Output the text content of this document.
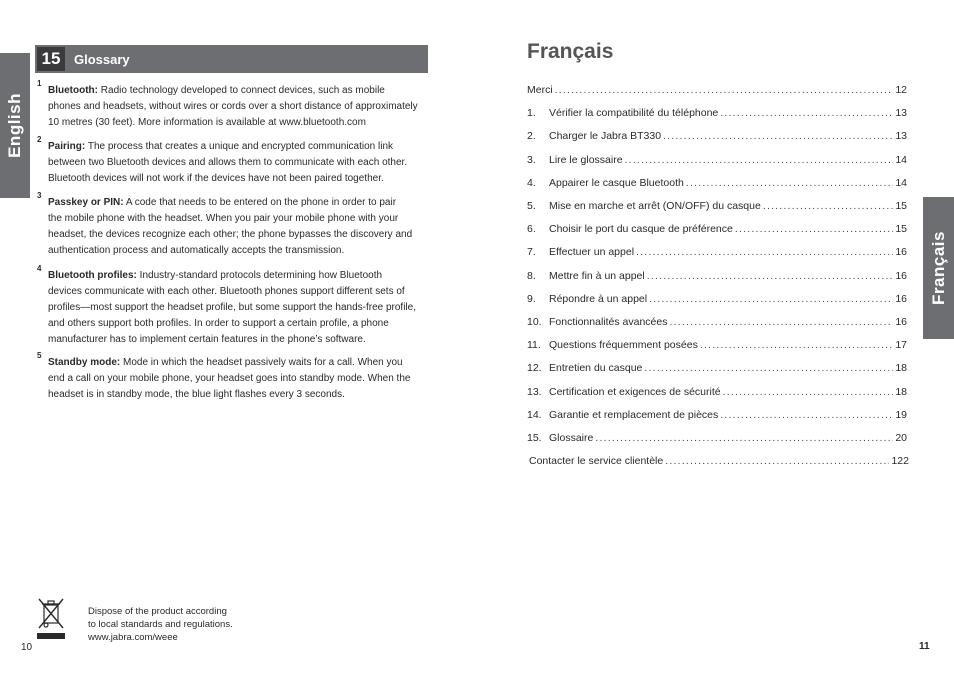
English
15	Glossary
1

Bluetooth: Radio technology developed to connect devices, such as mobile
phones and headsets, without wires or cords over a short distance of approximately
10 metres (30 feet). More information is available at www.bluetooth.com

2

Pairing: The process that creates a unique and encrypted communication link
between two Bluetooth devices and allows them to communicate with each other.
Bluetooth devices will not work if the devices have not been paired together.

3

Passkey or PIN: A code that needs to be entered on the phone in order to pair
the mobile phone with the headset. When you pair your mobile phone with your
headset, the devices recognize each other; the phone bypasses the discovery and
authentication process and automatically accepts the transmission.

4

Bluetooth profiles: Industry-standard protocols determining how Bluetooth
devices communicate with each other. Bluetooth phones support different sets of
profiles—most support the headset profile, but some support the hands-free profile,
and others support both profiles. In order to support a certain profile, a phone
manufacturer has to implement certain features in the phone’s software.

5

Standby mode: Mode in which the headset passively waits for a call. When you
end a call on your mobile phone, your headset goes into standby mode. When the
headset is in standby mode, the blue light flashes every 3 seconds.

Dispose of the product according
to local standards and regulations.
www.jabra.com/weee
10
Français
Merci .....	12
1.	Vérifier la compatibilité du téléphone .....	13
2.	Charger le Jabra BT330 .....	13
3.	Lire le glossaire .....	14
4.	Appairer le casque Bluetooth .....	14
5.	Mise en marche et arrêt (ON/OFF) du casque .....	15
6.	Choisir le port du casque de préférence .....	15
7.	Effectuer un appel .....	16
8.	Mettre fin à un appel .....	16
9.	Répondre à un appel .....	16
10. Fonctionnalités avancées .....	16
11. Questions fréquemment posées .....	17
12. Entretien du casque .....	18
13. Certification et exigences de sécurité .....	18
14. Garantie et remplacement de pièces .....	19
15. Glossaire .....	20
Contacter le service clientèle .....	122
Français
11
